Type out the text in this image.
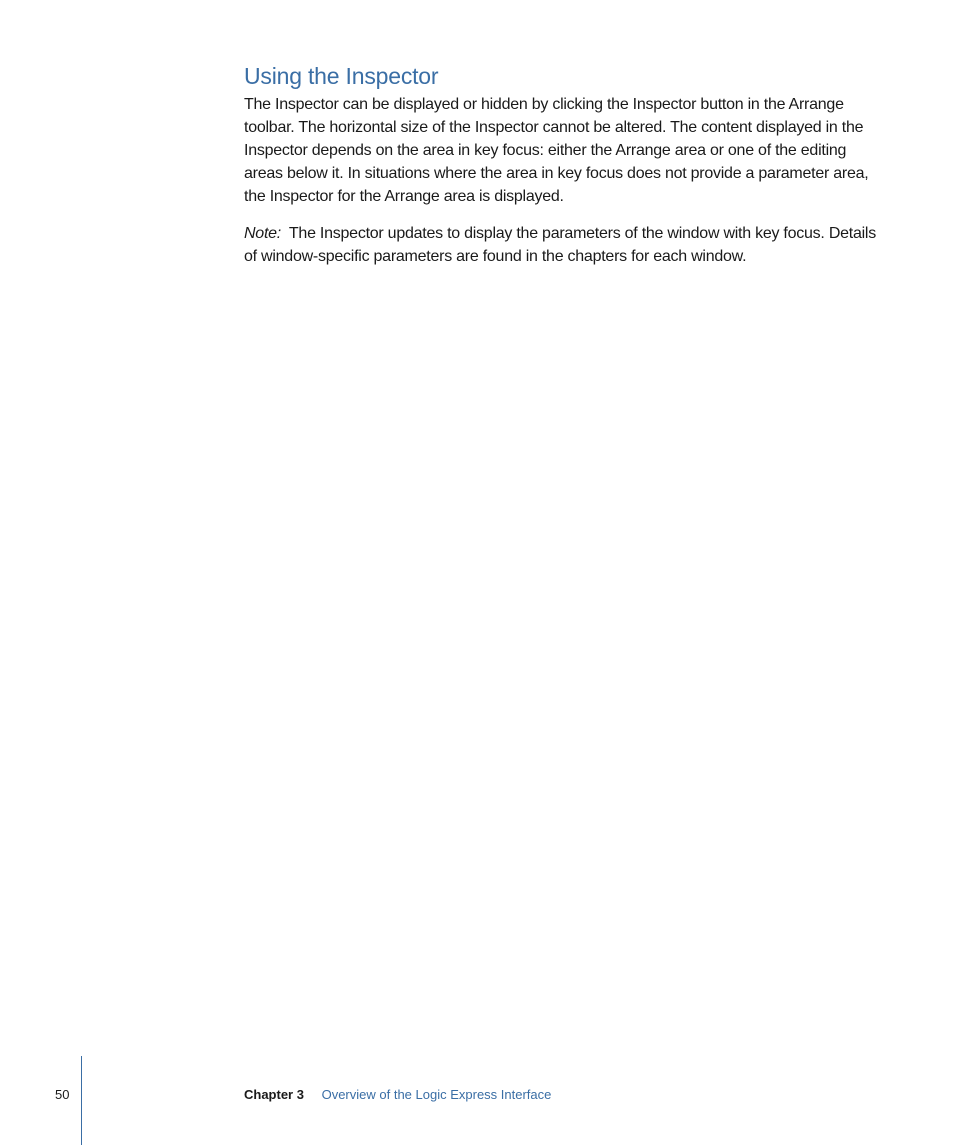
Using the Inspector

The Inspector can be displayed or hidden by clicking the Inspector button in the Arrange toolbar. The horizontal size of the Inspector cannot be altered. The content displayed in the Inspector depends on the area in key focus: either the Arrange area or one of the editing areas below it. In situations where the area in key focus does not provide a parameter area, the Inspector for the Arrange area is displayed.

Note: The Inspector updates to display the parameters of the window with key focus. Details of window-specific parameters are found in the chapters for each window.

50	Chapter 3 Overview of the Logic Express Interface
